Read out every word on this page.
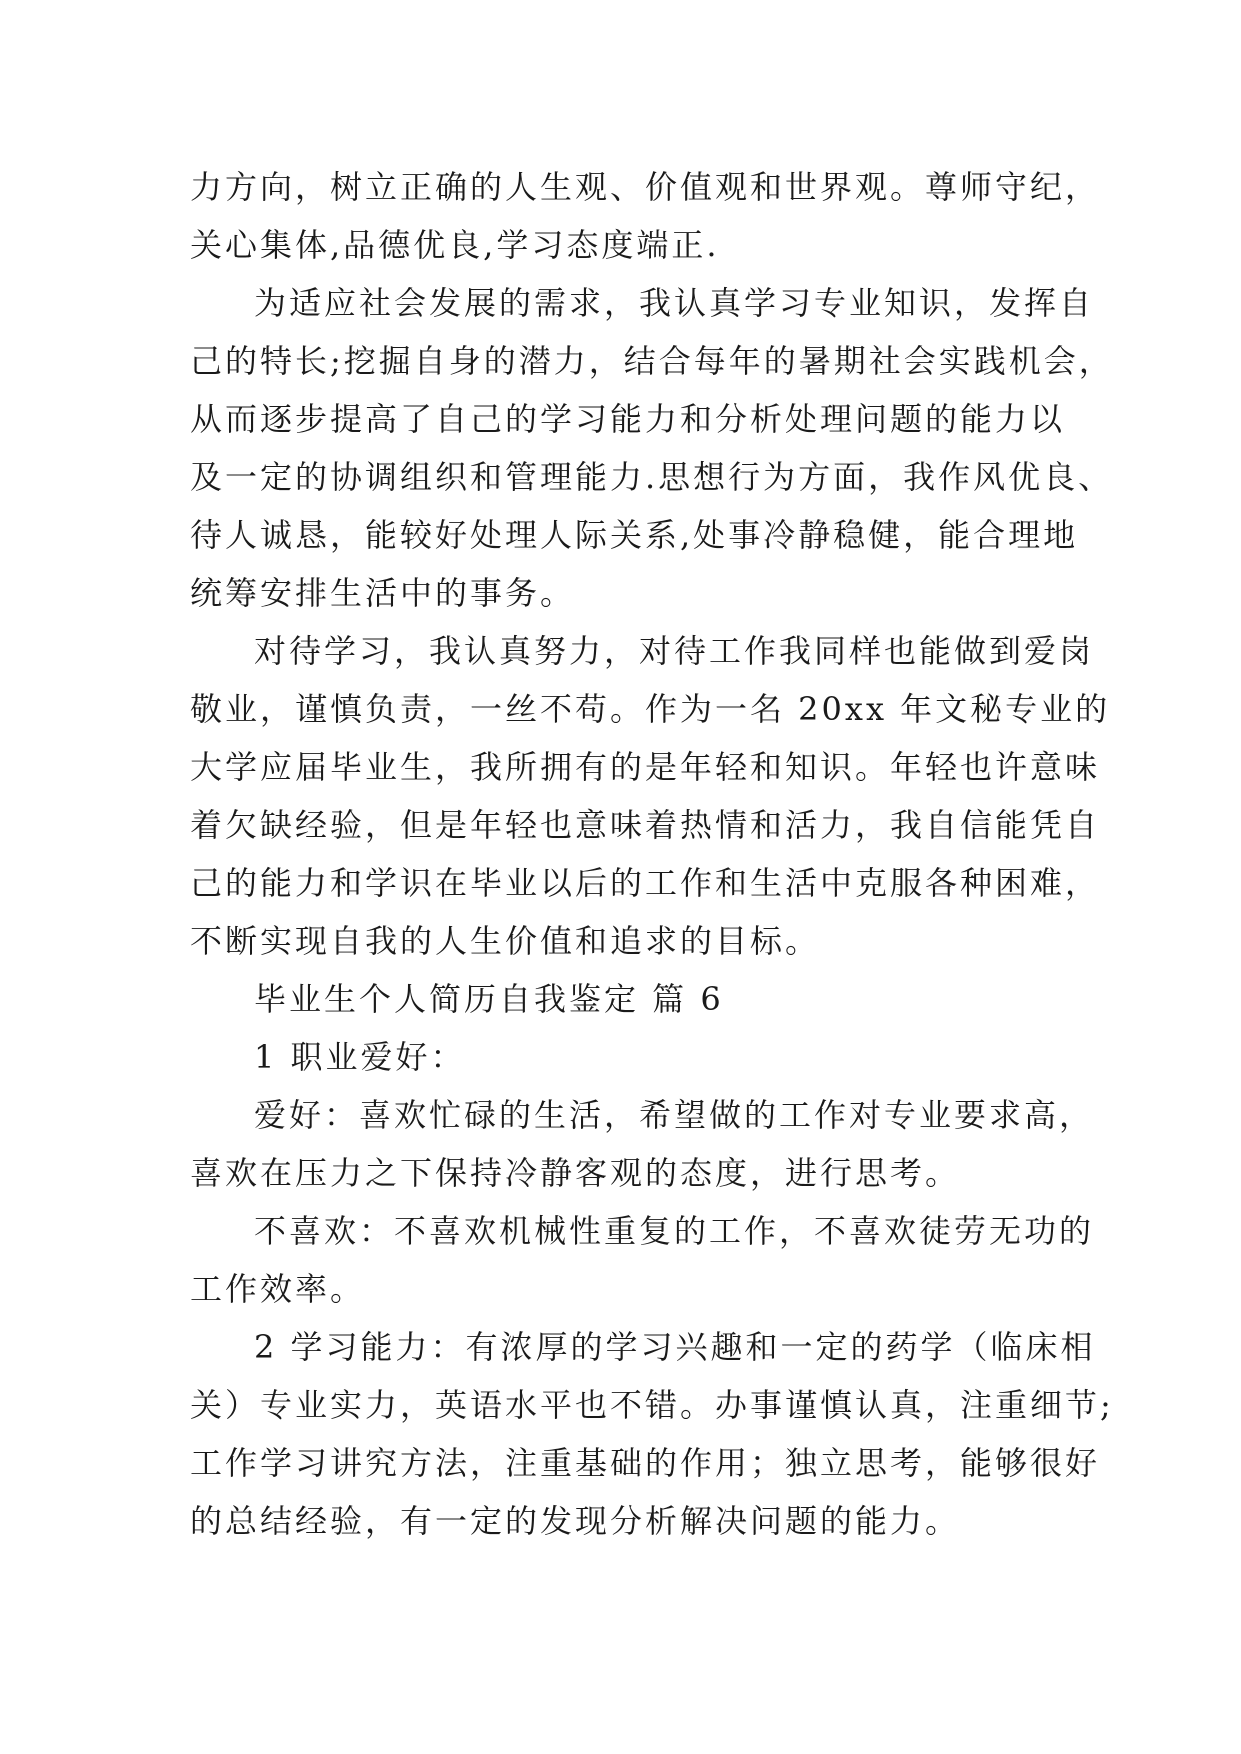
力方向，树立正确的人生观、价值观和世界观。尊师守纪，
关心集体,品德优良,学习态度端正.
为适应社会发展的需求，我认真学习专业知识，发挥自
己的特长;挖掘自身的潜力，结合每年的暑期社会实践机会，
从而逐步提高了自己的学习能力和分析处理问题的能力以
及一定的协调组织和管理能力.思想行为方面，我作风优良、
待人诚恳，能较好处理人际关系,处事冷静稳健，能合理地
统筹安排生活中的事务。
对待学习，我认真努力，对待工作我同样也能做到爱岗
敬业，谨慎负责，一丝不苟。作为一名 20xx 年文秘专业的
大学应届毕业生，我所拥有的是年轻和知识。年轻也许意味
着欠缺经验，但是年轻也意味着热情和活力，我自信能凭自
己的能力和学识在毕业以后的工作和生活中克服各种困难，
不断实现自我的人生价值和追求的目标。
毕业生个人简历自我鉴定 篇 6
1 职业爱好：
爱好：喜欢忙碌的生活，希望做的工作对专业要求高，
喜欢在压力之下保持冷静客观的态度，进行思考。
不喜欢：不喜欢机械性重复的工作，不喜欢徒劳无功的
工作效率。
2 学习能力：有浓厚的学习兴趣和一定的药学（临床相
关）专业实力，英语水平也不错。办事谨慎认真，注重细节;
工作学习讲究方法，注重基础的作用；独立思考，能够很好
的总结经验，有一定的发现分析解决问题的能力。
